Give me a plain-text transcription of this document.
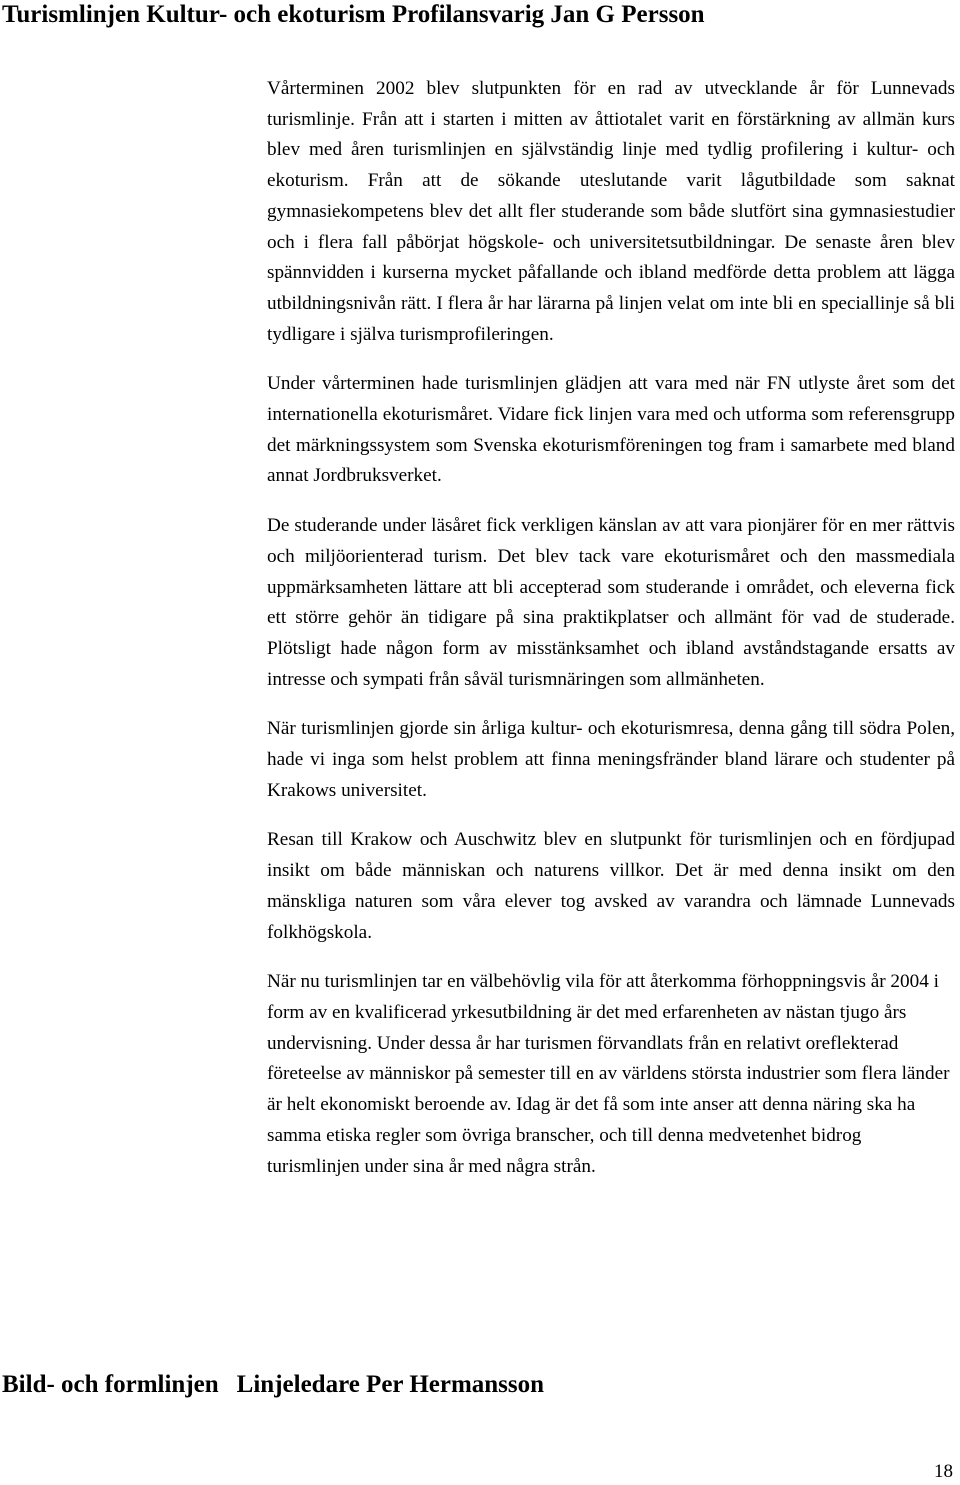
Turismlinjen Kultur- och ekoturism Profilansvarig Jan G Persson

Vårterminen 2002 blev slutpunkten för en rad av utvecklande år för Lunnevads turismlinje. Från att i starten i mitten av åttiotalet varit en förstärkning av allmän kurs blev med åren turismlinjen en självständig linje med tydlig profilering i kultur- och ekoturism. Från att de sökande uteslutande varit lågutbildade som saknat gymnasiekompetens blev det allt fler studerande som både slutfört sina gymnasiestudier och i flera fall påbörjat högskole- och universitetsutbildningar. De senaste åren blev spännvidden i kurserna mycket påfallande och ibland medförde detta problem att lägga utbildningsnivån rätt. I flera år har lärarna på linjen velat om inte bli en speciallinje så bli tydligare i själva turismprofileringen.

Under vårterminen hade turismlinjen glädjen att vara med när FN utlyste året som det internationella ekoturismåret. Vidare fick linjen vara med och utforma som referensgrupp det märkningssystem som Svenska ekoturismföreningen tog fram i samarbete med bland annat Jordbruksverket.

De studerande under läsåret fick verkligen känslan av att vara pionjärer för en mer rättvis och miljöorienterad turism. Det blev tack vare ekoturismåret och den massmediala uppmärksamheten lättare att bli accepterad som studerande i området, och eleverna fick ett större gehör än tidigare på sina praktikplatser och allmänt för vad de studerade. Plötsligt hade någon form av misstänksamhet och ibland avståndstagande ersatts av intresse och sympati från såväl turismnäringen som allmänheten.

När turismlinjen gjorde sin årliga kultur- och ekoturismresa, denna gång till södra Polen, hade vi inga som helst problem att finna meningsfränder bland lärare och studenter på Krakows universitet.

Resan till Krakow och Auschwitz blev en slutpunkt för turismlinjen och en fördjupad insikt om både människan och naturens villkor. Det är med denna insikt om den mänskliga naturen som våra elever tog avsked av varandra och lämnade Lunnevads folkhögskola.

När nu turismlinjen tar en välbehövlig vila för att återkomma förhoppningsvis år 2004 i form av en kvalificerad yrkesutbildning är det med erfarenheten av nästan tjugo års undervisning. Under dessa år har turismen förvandlats från en relativt oreflekterad företeelse av människor på semester till en av världens största industrier som flera länder är helt ekonomiskt beroende av. Idag är det få som inte anser att denna näring ska ha samma etiska regler som övriga branscher, och till denna medvetenhet bidrog turismlinjen under sina år med några strån.

Bild- och formlinjen Linjeledare Per Hermansson
18
